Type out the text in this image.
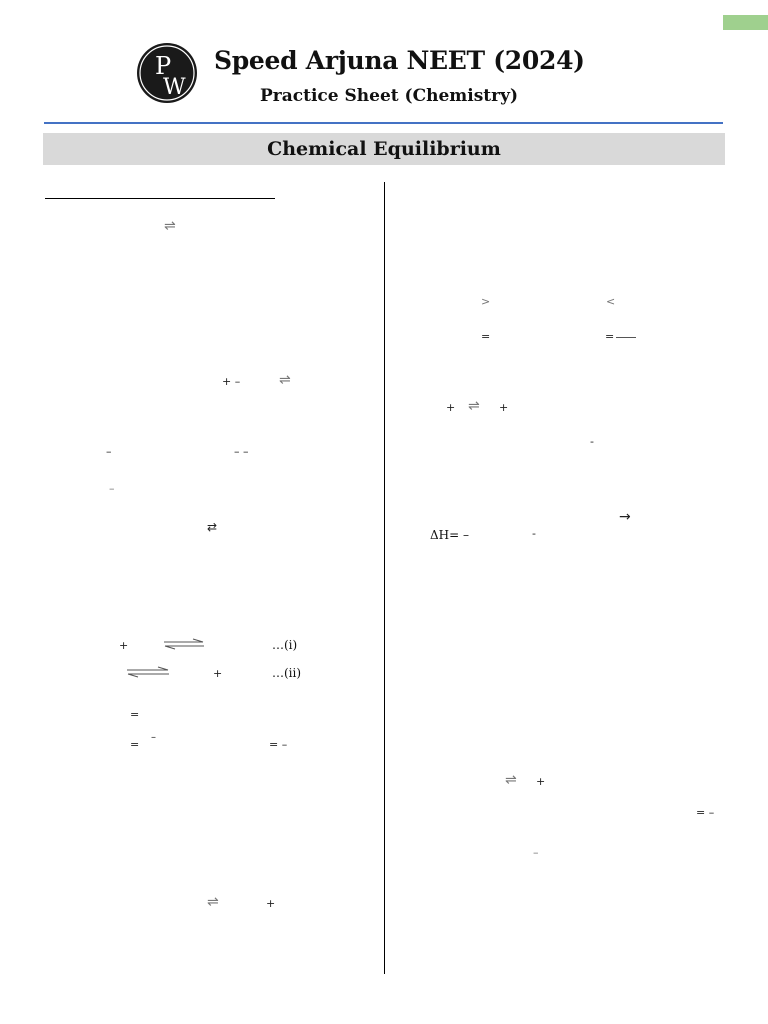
P
W
Speed Arjuna NEET (2024)
Practice Sheet (Chemistry)
Chemical Equilibrium
⇌
+ –	⇌
–	– –
–
⇄
+	…(i)
+	…(ii)
=
=
–
= –
⇌	+
>	<
=	=
+ ⇌ +
-
→
ΔH= –	-
⇌ +
= –
–
